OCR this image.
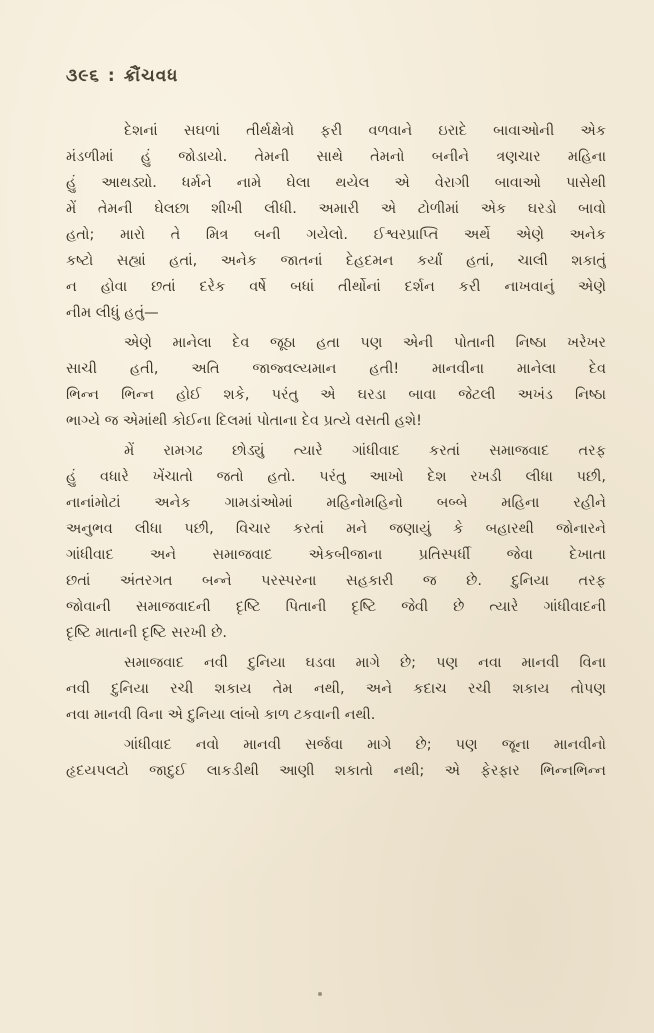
૩૯૬ : ક્રૌંચવધ
દેશનાં સઘળાં તીર્થક્ષેત્રો ફરી વળવાને ઇરાદે બાવાઓની એક
મંડળીમાં હું જોડાયો. તેમની સાથે તેમનો બનીને ત્રણચાર મહિના
હું આથડ્યો. ધર્મને નામે ઘેલા થયેલ એ વેરાગી બાવાઓ પાસેથી
મેં તેમની ઘેલછા શીખી લીધી. અમારી એ ટોળીમાં એક ઘરડો બાવો
હતો; મારો તે મિત્ર બની ગયેલો. ઈશ્વરપ્રાપ્તિ અર્થે એણે અનેક
કષ્ટો સહ્યાં હતાં, અનેક જાતનાં દેહદમન કર્યાં હતાં, ચાલી શકાતું
ન હોવા છતાં દરેક વર્ષે બધાં તીર્થોનાં દર્શન કરી નાખવાનું એણે
નીમ લીધું હતું—
એણે માનેલા દેવ જૂઠા હતા પણ એની પોતાની નિષ્ઠા ખરેખર
સાચી હતી, અતિ જાજ્વલ્યમાન હતી! માનવીના માનેલા દેવ
ભિન્ન ભિન્ન હોઈ શકે, પરંતુ એ ઘરડા બાવા જેટલી અખંડ નિષ્ઠા
ભાગ્યે જ એમાંથી કોઈના દિલમાં પોતાના દેવ પ્રત્યે વસતી હશે!
મેં રામગઢ છોડ્યું ત્યારે ગાંધીવાદ કરતાં સમાજવાદ તરફ
હું વધારે ખેંચાતો જતો હતો. પરંતુ આખો દેશ રખડી લીધા પછી,
નાનાંમોટાં અનેક ગામડાંઓમાં મહિનોમહિનો બબ્બે મહિના રહીને
અનુભવ લીધા પછી, વિચાર કરતાં મને જણાયું કે બહારથી જોનારને
ગાંધીવાદ અને સમાજવાદ એકબીજાના પ્રતિસ્પર્ધી જેવા દેખાતા
છતાં અંતરગત બન્ને પરસ્પરના સહકારી જ છે. દુનિયા તરફ
જોવાની સમાજવાદની દૃષ્ટિ પિતાની દૃષ્ટિ જેવી છે ત્યારે ગાંધીવાદની
દૃષ્ટિ માતાની દૃષ્ટિ સરખી છે.
સમાજવાદ નવી દુનિયા ઘડવા માગે છે; પણ નવા માનવી વિના
નવી દુનિયા રચી શકાય તેમ નથી, અને કદાચ રચી શકાય તોપણ
નવા માનવી વિના એ દુનિયા લાંબો કાળ ટકવાની નથી.
ગાંધીવાદ નવો માનવી સર્જવા માગે છે; પણ જૂના માનવીનો
હૃદયપલટો જાદુઈ લાકડીથી આણી શકાતો નથી; એ ફેરફાર ભિન્નભિન્ન
